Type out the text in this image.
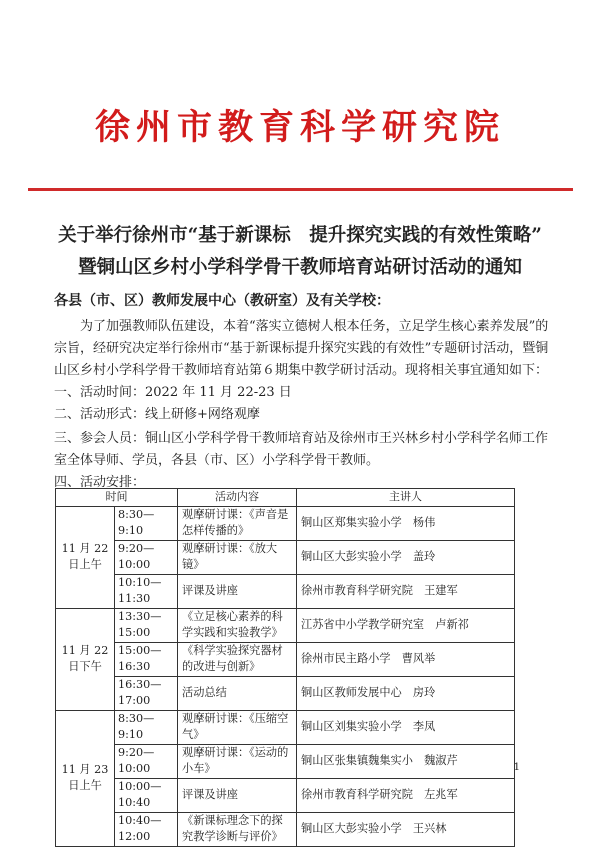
徐州市教育科学研究院
关于举行徐州市“基于新课标　提升探究实践的有效性策略”
暨铜山区乡村小学科学骨干教师培育站研讨活动的通知
各县（市、区）教师发展中心（教研室）及有关学校：
为了加强教师队伍建设，本着“落实立德树人根本任务，立足学生核心素养发展”的宗旨，经研究决定举行徐州市“基于新课标提升探究实践的有效性”专题研讨活动，暨铜山区乡村小学科学骨干教师培育站第６期集中教学研讨活动。现将相关事宜通知如下：
一、活动时间：2022 年 11 月 22-23 日
二、活动形式：线上研修+网络观摩
三、参会人员：铜山区小学科学骨干教师培育站及徐州市王兴林乡村小学科学名师工作室全体导师、学员，各县（市、区）小学科学骨干教师。
四、活动安排：
时间		活动内容	主讲人
11 月 22 日上午	8:30—9:10	观摩研讨课：《声音是怎样传播的》	铜山区郑集实验小学　杨伟
	9:20—10:00	观摩研讨课：《放大镜》	铜山区大彭实验小学　盖玲
	10:10—11:30	评课及讲座	徐州市教育科学研究院　王建军
11 月 22 日下午	13:30—15:00	《立足核心素养的科学实践和实验教学》	江苏省中小学教学研究室　卢新祁
	15:00—16:30	《科学实验探究器材的改进与创新》	徐州市民主路小学　曹风举
	16:30—17:00	活动总结	铜山区教师发展中心　房玲
11 月 23 日上午	8:30—9:10	观摩研讨课：《压缩空气》	铜山区刘集实验小学　李凤
	9:20—10:00	观摩研讨课：《运动的小车》	铜山区张集镇魏集实小　魏淑芹
	10:00—10:40	评课及讲座	徐州市教育科学研究院　左兆军
	10:40—12:00	《新课标理念下的探究教学诊断与评价》	铜山区大彭实验小学　王兴林
1
